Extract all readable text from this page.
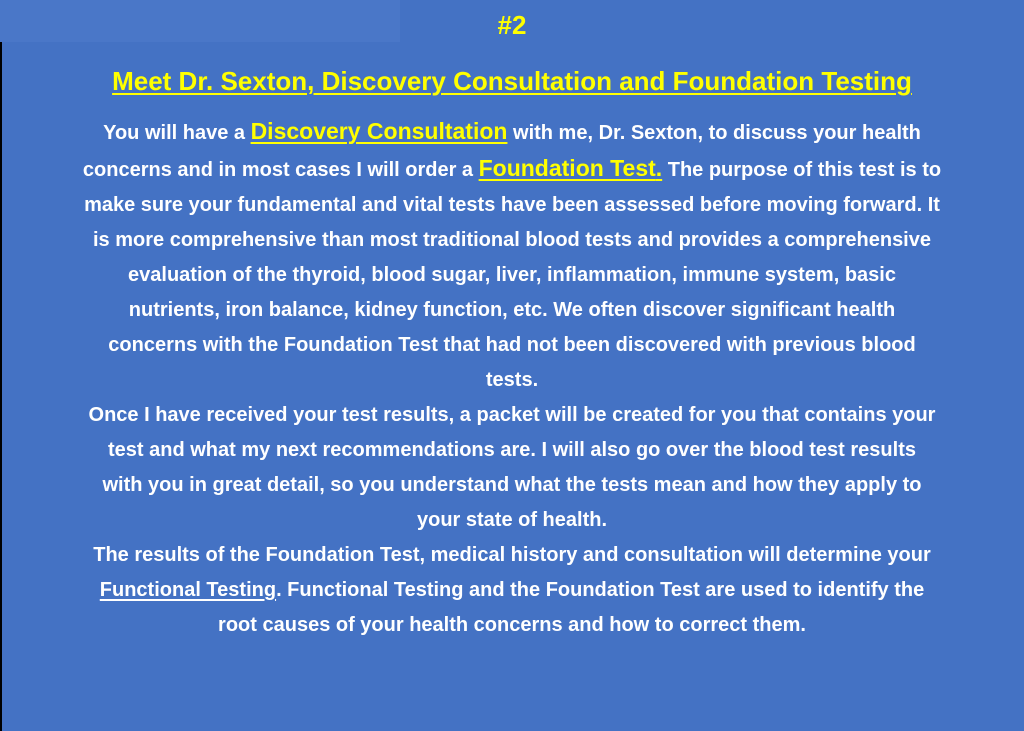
#2
Meet Dr. Sexton, Discovery Consultation and Foundation Testing

You will have a Discovery Consultation with me, Dr. Sexton, to discuss your health
concerns and in most cases I will order a Foundation Test. The purpose of this test is to
make sure your fundamental and vital tests have been assessed before moving forward. It
is more comprehensive than most traditional blood tests and provides a comprehensive
evaluation of the thyroid, blood sugar, liver, inflammation, immune system, basic
nutrients, iron balance, kidney function, etc. We often discover significant health
concerns with the Foundation Test that had not been discovered with previous blood
tests.

Once I have received your test results, a packet will be created for you that contains your
test and what my next recommendations are. I will also go over the blood test results
with you in great detail, so you understand what the tests mean and how they apply to
your state of health.

The results of the Foundation Test, medical history and consultation will determine your
Functional Testing. Functional Testing and the Foundation Test are used to identify the
root causes of your health concerns and how to correct them.
